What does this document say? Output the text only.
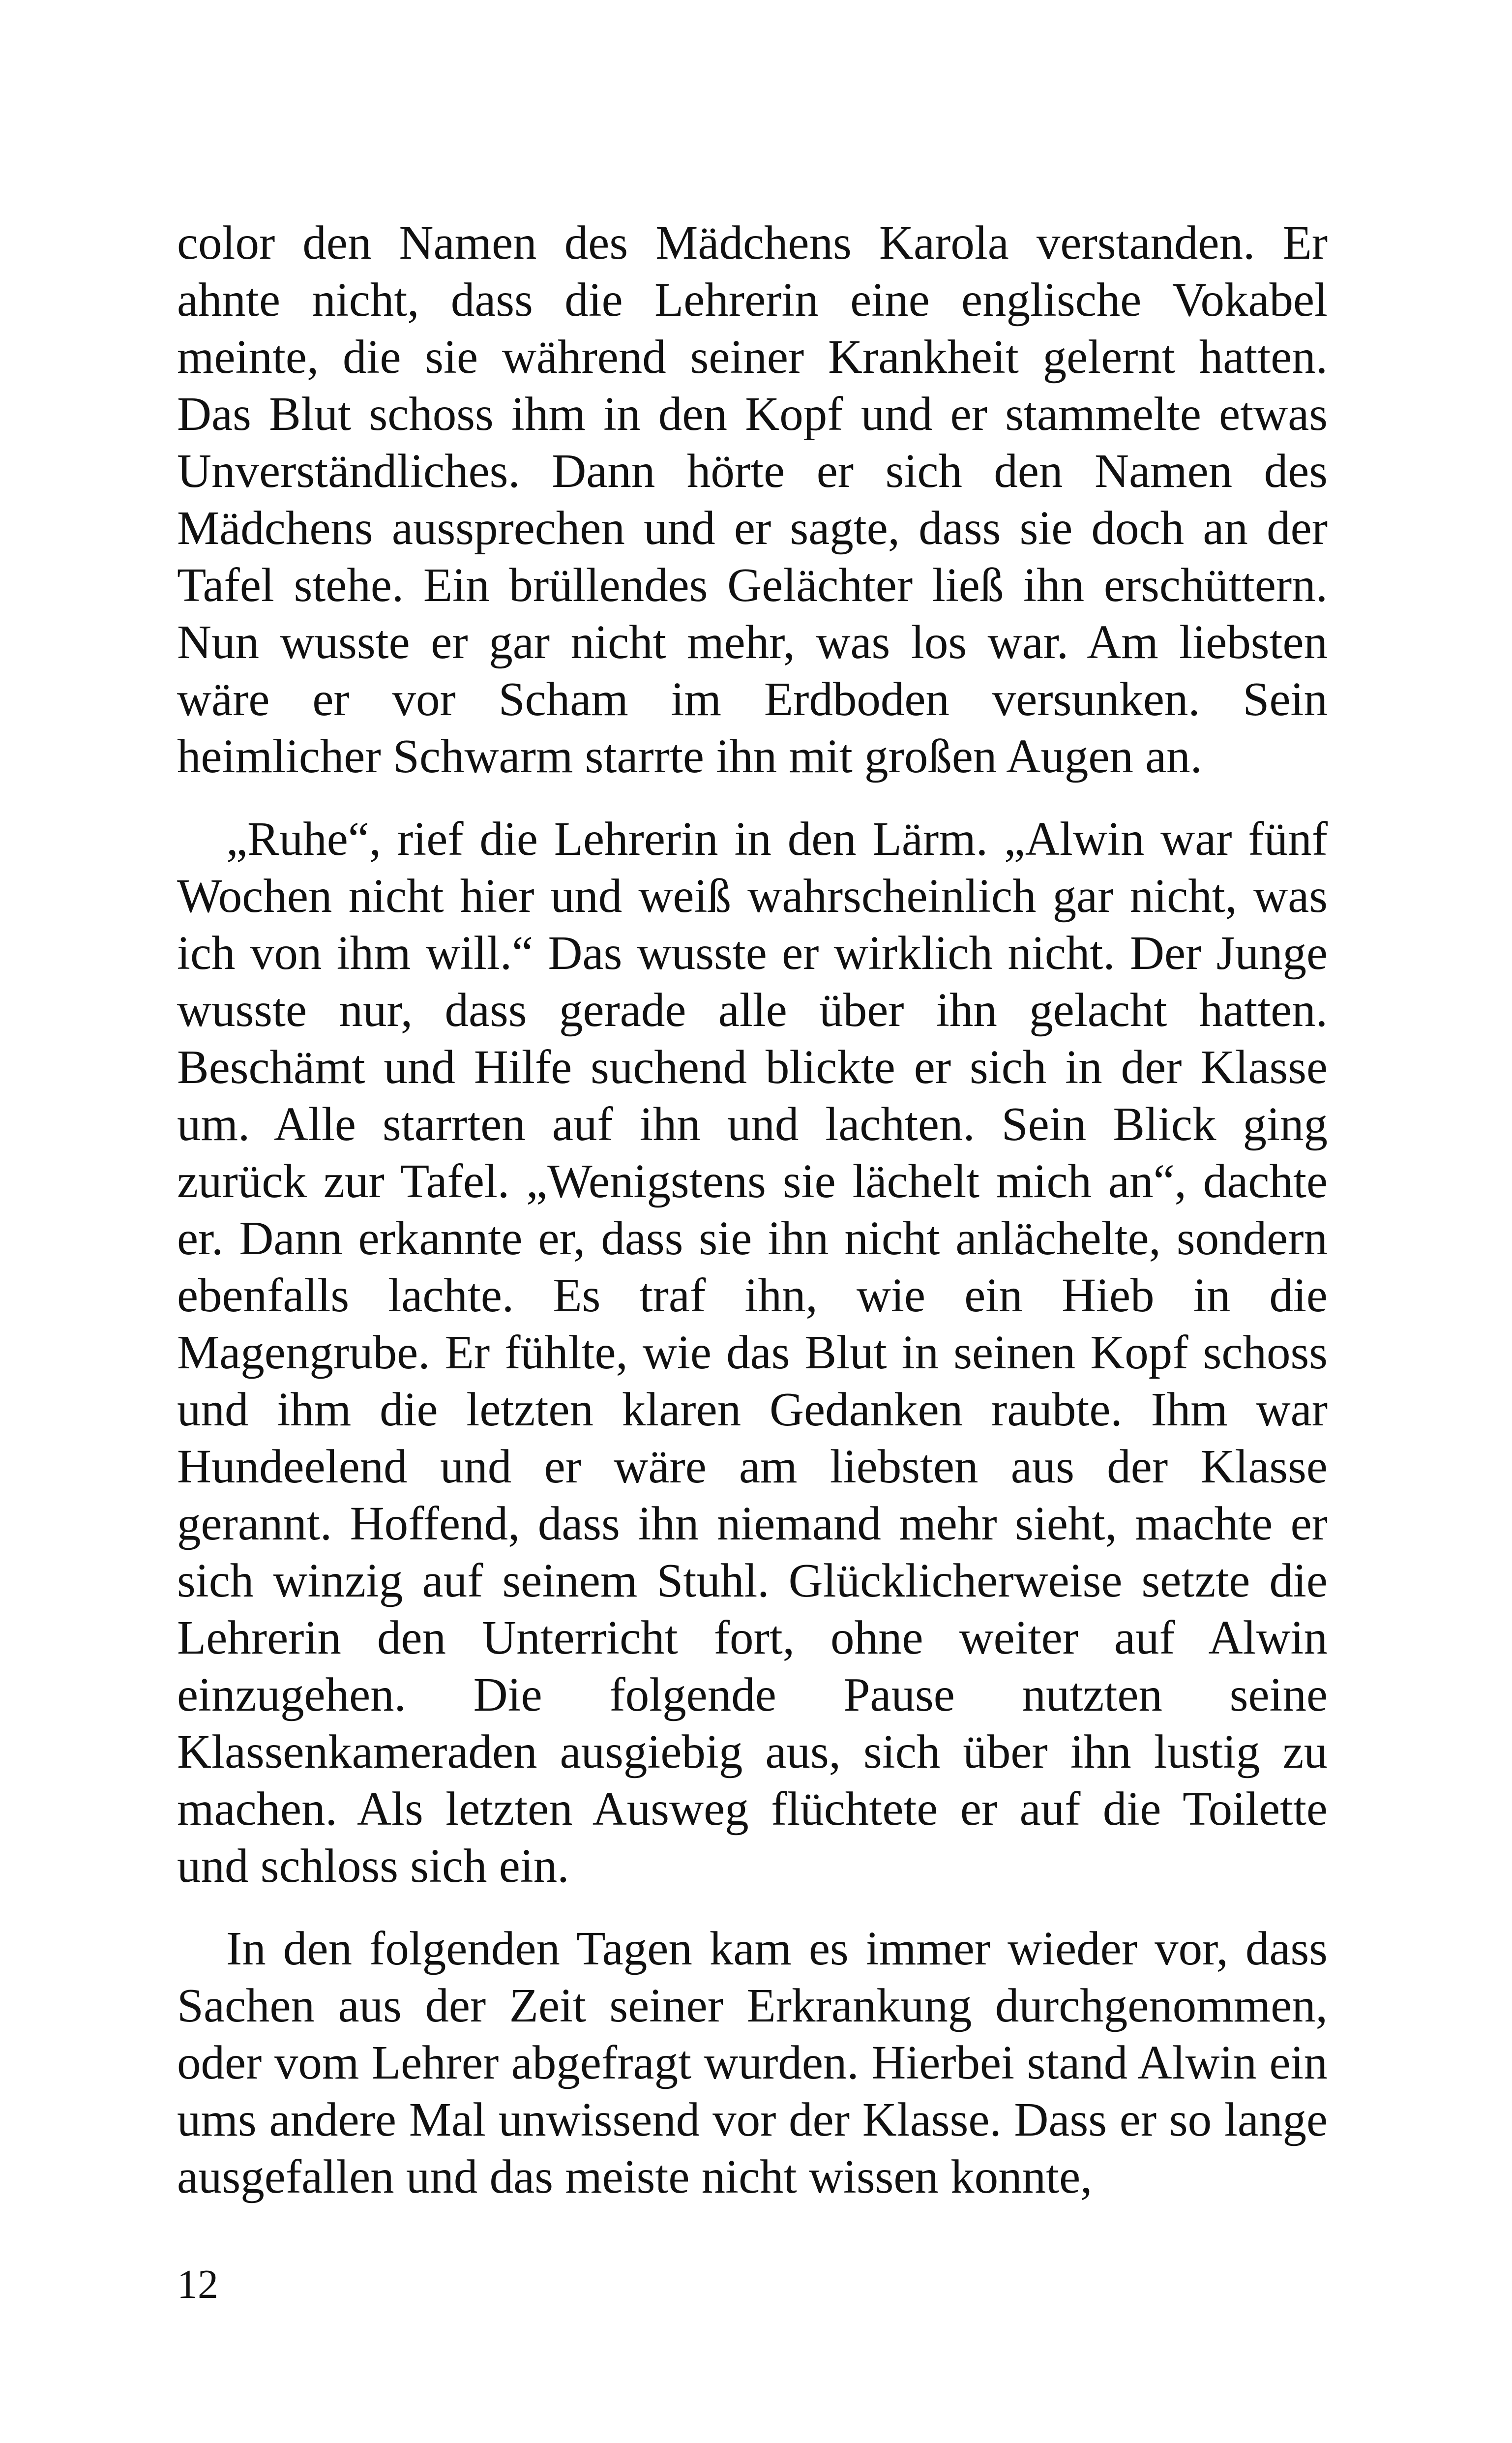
color den Namen des Mädchens Karola verstanden. Er ahnte nicht, dass die Lehrerin eine englische Vokabel meinte, die sie während seiner Krankheit gelernt hatten. Das Blut schoss ihm in den Kopf und er stammelte etwas Unverständliches. Dann hörte er sich den Namen des Mädchens aussprechen und er sagte, dass sie doch an der Tafel stehe. Ein brüllendes Gelächter ließ ihn erschüttern. Nun wusste er gar nicht mehr, was los war. Am liebsten wäre er vor Scham im Erdboden versunken. Sein heimlicher Schwarm starrte ihn mit großen Augen an.

„Ruhe“, rief die Lehrerin in den Lärm. „Alwin war fünf Wochen nicht hier und weiß wahrscheinlich gar nicht, was ich von ihm will.“ Das wusste er wirklich nicht. Der Junge wusste nur, dass gerade alle über ihn gelacht hatten. Beschämt und Hilfe suchend blickte er sich in der Klasse um. Alle starrten auf ihn und lachten. Sein Blick ging zurück zur Tafel. „Wenigstens sie lächelt mich an“, dachte er. Dann erkannte er, dass sie ihn nicht anlächelte, sondern ebenfalls lachte. Es traf ihn, wie ein Hieb in die Magengrube. Er fühlte, wie das Blut in seinen Kopf schoss und ihm die letzten klaren Gedanken raubte. Ihm war Hundeelend und er wäre am liebsten aus der Klasse gerannt. Hoffend, dass ihn niemand mehr sieht, machte er sich winzig auf seinem Stuhl. Glücklicherweise setzte die Lehrerin den Unterricht fort, ohne weiter auf Alwin einzugehen. Die folgende Pause nutzten seine Klassenkameraden ausgiebig aus, sich über ihn lustig zu machen. Als letzten Ausweg flüchtete er auf die Toilette und schloss sich ein.

In den folgenden Tagen kam es immer wieder vor, dass Sachen aus der Zeit seiner Erkrankung durchgenommen, oder vom Lehrer abgefragt wurden. Hierbei stand Alwin ein ums andere Mal unwissend vor der Klasse. Dass er so lange ausgefallen und das meiste nicht wissen konnte,

12
